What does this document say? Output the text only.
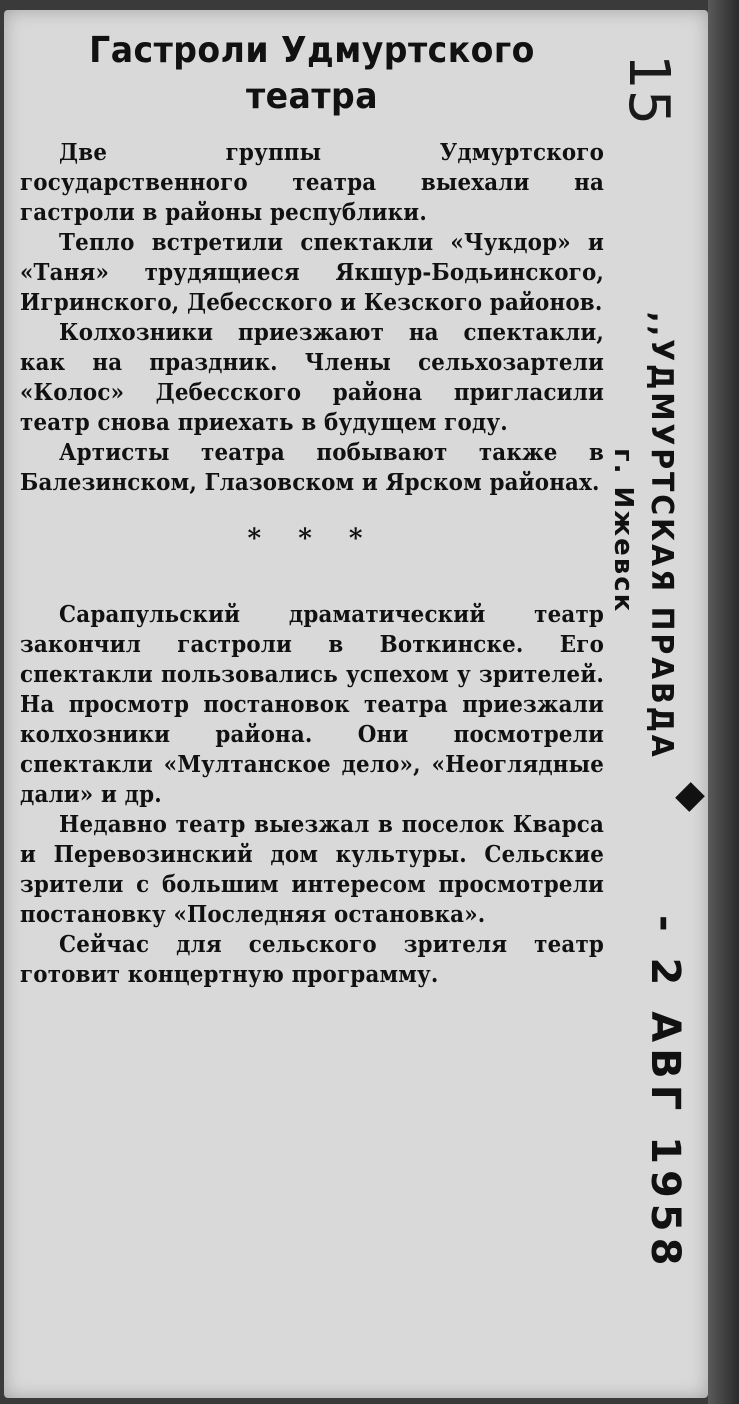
Гастроли Удмуртского
театра

Две группы Удмуртского государственного театра выехали на гастроли в районы республики.

Тепло встретили спектакли «Чукдор» и «Таня» трудящиеся Якшур-Бодьинского, Игринского, Дебесского и Кезского районов.

Колхозники приезжают на спектакли, как на праздник. Члены сельхозартели «Колос» Дебесского района пригласили театр снова приехать в будущем году.

Артисты театра побывают также в Балезинском, Глазовском и Ярском районах.

* * *

Сарапульский драматический театр закончил гастроли в Воткинске. Его спектакли пользовались успехом у зрителей. На просмотр постановок театра приезжали колхозники района. Они посмотрели спектакли «Мултанское дело», «Неоглядные дали» и др.

Недавно театр выезжал в поселок Кварса и Перевозинский дом культуры. Сельские зрители с большим интересом просмотрели постановку «Последняя остановка».

Сейчас для сельского зрителя театр готовит концертную программу.

15
,,УДМУРТСКАЯ ПРАВДА
г. Ижевск
- 2 АВГ 1958
